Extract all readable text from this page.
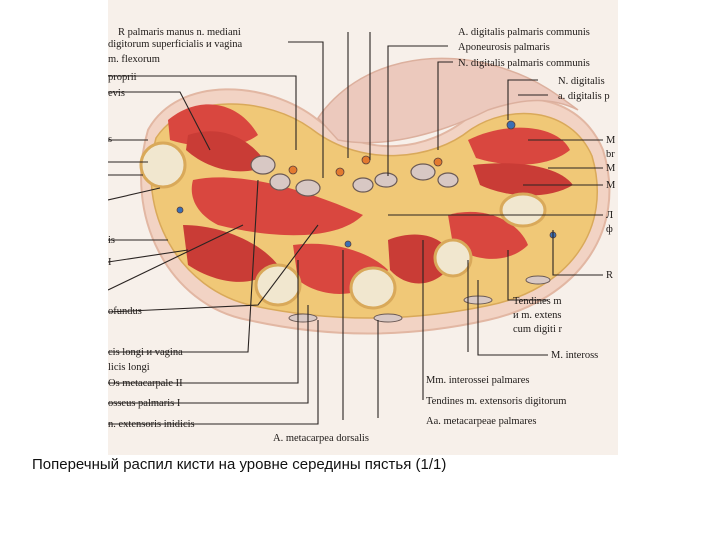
R palmaris manus n. mediani
digitorum superficialis и vagina
m. flexorum
proprii
evis
A. digitalis palmaris communis
Aponeurosis palmaris
N. digitalis palmaris communis
N. digitalis
a. digitalis p
s
is
I
ofundus
cis longi и vagina
licis longi
Os metacarpale II
osseus palmaris I
n. extensoris inidicis
M
br
M
M
Л
ф
R
Tendines m
и m. extens
cum digiti r
M. inteross
Mm. interossei palmares
Tendines m. extensoris digitorum
Aa. metacarpeae palmares
A. metacarpea dorsalis
Поперечный распил кисти на уровне середины пястья (1/1)
